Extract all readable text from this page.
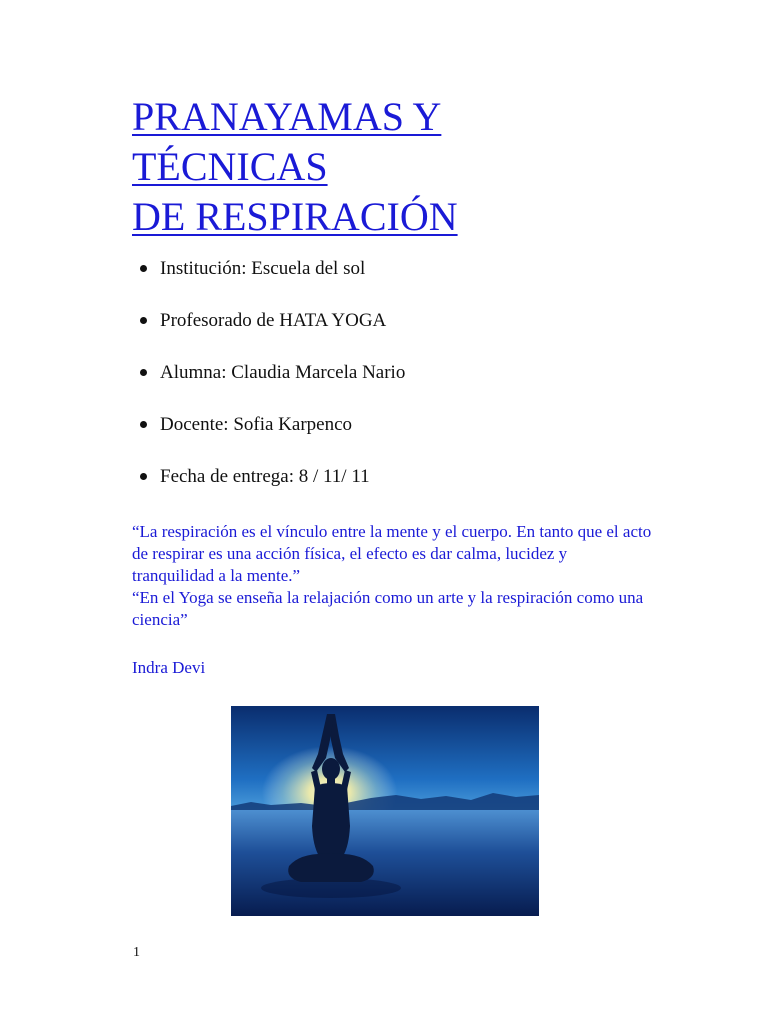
PRANAYAMAS Y
TÉCNICAS
DE RESPIRACIÓN
Institución: Escuela del sol
Profesorado de HATA YOGA
Alumna: Claudia Marcela Nario
Docente: Sofia Karpenco
Fecha de entrega: 8 / 11/ 11

“La respiración es el vínculo entre la mente y el cuerpo. En tanto que el acto de respirar es una acción física, el efecto es dar calma, lucidez y tranquilidad a la mente.”

“En el Yoga se enseña la relajación como un arte y la respiración como una ciencia”

Indra Devi

1
